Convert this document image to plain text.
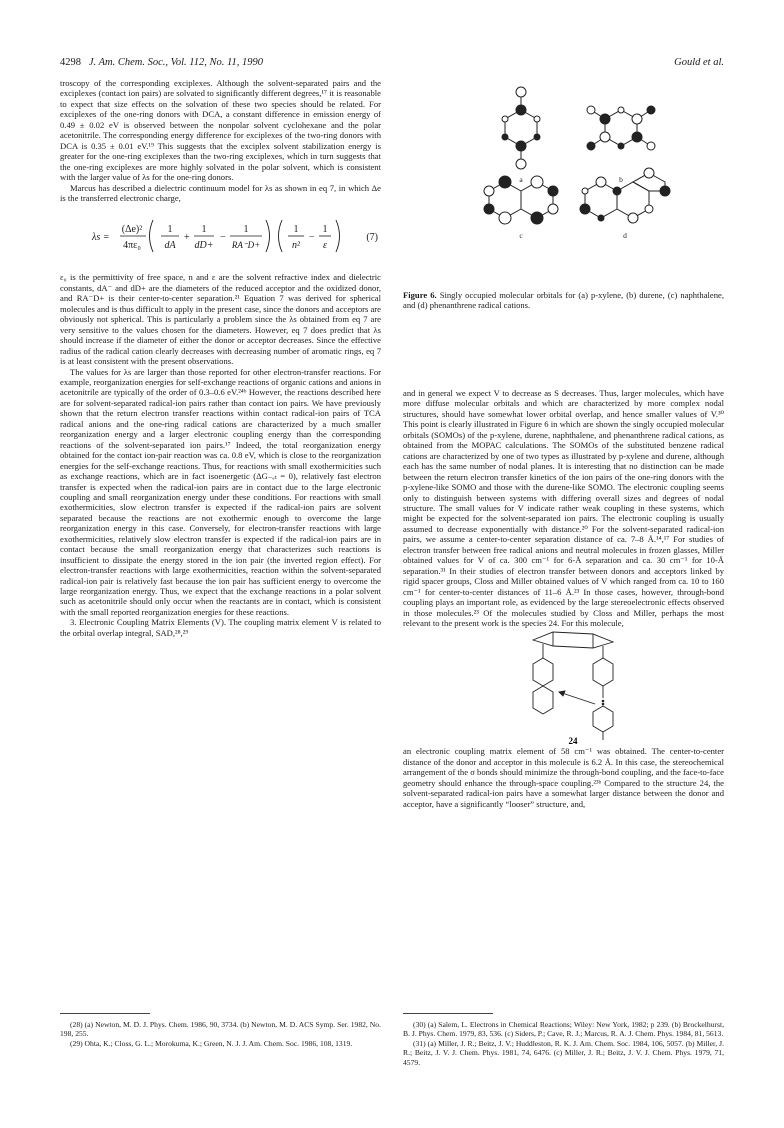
4298 J. Am. Chem. Soc., Vol. 112, No. 11, 1990	Gould et al.

troscopy of the corresponding exciplexes. Although the solvent-separated pairs and the exciplexes (contact ion pairs) are solvated to significantly different degrees,¹⁷ it is reasonable to expect that size effects on the solvation of these two species should be related. For exciplexes of the one-ring donors with DCA, a constant difference in emission energy of 0.49 ± 0.02 eV is observed between the nonpolar solvent cyclohexane and the polar acetonitrile. The corresponding energy difference for exciplexes of the two-ring donors with DCA is 0.35 ± 0.01 eV.¹⁹ This suggests that the exciplex solvent stabilization energy is greater for the one-ring exciplexes than the two-ring exciplexes, which in turn suggests that the one-ring exciplexes are more highly solvated in the polar solvent, which is consistent with the larger value of λs for the one-ring donors.

Marcus has described a dielectric continuum model for λs as shown in eq 7, in which Δe is the transferred electronic charge,

λs =
(Δe)²
4πε₀
1
dA
+
1
dD+
−
1
RA⁻D+
1
n²
−
1
ε
(7)

ε₀ is the permittivity of free space, n and ε are the solvent refractive index and dielectric constants, dA⁻ and dD+ are the diameters of the reduced acceptor and the oxidized donor, and RA⁻D+ is their center-to-center separation.²¹ Equation 7 was derived for spherical molecules and is thus difficult to apply in the present case, since the donors and acceptors are obviously not spherical. This is particularly a problem since the λs obtained from eq 7 are very sensitive to the values chosen for the diameters. However, eq 7 does predict that λs should increase if the diameter of either the donor or acceptor decreases. Since the effective radius of the radical cation clearly decreases with decreasing number of aromatic rings, eq 7 is at least consistent with the present observations.

The values for λs are larger than those reported for other electron-transfer reactions. For example, reorganization energies for self-exchange reactions of organic cations and anions in acetonitrile are typically of the order of 0.3–0.6 eV.²⁴ᵇ However, the reactions described here are for solvent-separated radical-ion pairs rather than contact ion pairs. We have previously shown that the return electron transfer reactions within contact radical-ion pairs of TCA radical anions and the one-ring radical cations are characterized by a much smaller reorganization energy and a larger electronic coupling energy than the corresponding reactions of the solvent-separated ion pairs.¹⁷ Indeed, the total reorganization energy obtained for the contact ion-pair reaction was ca. 0.8 eV, which is close to the reorganization energies for the self-exchange reactions. Thus, for reactions with small exothermicities such as exchange reactions, which are in fact isoenergetic (ΔG₋ₑₜ = 0), relatively fast electron transfer is expected when the radical-ion pairs are in contact due to the large electronic coupling and small reorganization energy under these conditions. For reactions with small exothermicities, slow electron transfer is expected if the radical-ion pairs are solvent separated because the reactions are not exothermic enough to overcome the large reorganization energy in this case. Conversely, for electron-transfer reactions with large exothermicities, relatively slow electron transfer is expected if the radical-ion pairs are in contact because the small reorganization energy that characterizes such reactions is insufficient to dissipate the energy stored in the ion pair (the inverted region effect). For electron-transfer reactions with large exothermicities, reaction within the solvent-separated radical-ion pair is relatively fast because the ion pair has sufficient energy to overcome the large reorganization energy. Thus, we expect that the exchange reactions in a polar solvent such as acetonitrile should only occur when the reactants are in contact, which is consistent with the small reported reorganization energies for these reactions.

3. Electronic Coupling Matrix Elements (V). The coupling matrix element V is related to the orbital overlap integral, SAD,²⁸,²⁹

(28) (a) Newton, M. D. J. Phys. Chem. 1986, 90, 3734. (b) Newton, M. D. ACS Symp. Ser. 1982, No. 198, 255.

(29) Ohta, K.; Closs, G. L.; Morokuma, K.; Green, N. J. J. Am. Chem. Soc. 1986, 108, 1319.

a	b
c	d
Figure 6. Singly occupied molecular orbitals for (a) p-xylene, (b) durene, (c) naphthalene, and (d) phenanthrene radical cations.

and in general we expect V to decrease as S decreases. Thus, larger molecules, which have more diffuse molecular orbitals and which are characterized by more complex nodal structures, should have somewhat lower orbital overlap, and hence smaller values of V.³⁰ This point is clearly illustrated in Figure 6 in which are shown the singly occupied molecular orbitals (SOMOs) of the p-xylene, durene, naphthalene, and phenanthrene radical cations, as obtained from the MOPAC calculations. The SOMOs of the substituted benzene radical cations are characterized by one of two types as illustrated by p-xylene and durene, although each has the same number of nodal planes. It is interesting that no distinction can be made between the return electron transfer kinetics of the ion pairs of the one-ring donors with the p-xylene-like SOMO and those with the durene-like SOMO. The electronic coupling seems only to distinguish between systems with differing overall sizes and degrees of nodal structure. The small values for V indicate rather weak coupling in these systems, which might be expected for the solvent-separated ion pairs. The electronic coupling is usually assumed to decrease exponentially with distance.²⁰ For the solvent-separated radical-ion pairs, we assume a center-to-center separation distance of ca. 7–8 Å.¹⁴,¹⁷ For studies of electron transfer between free radical anions and neutral molecules in frozen glasses, Miller obtained values for V of ca. 300 cm⁻¹ for 6-Å separation and ca. 30 cm⁻¹ for 10-Å separation.³¹ In their studies of electron transfer between donors and acceptors linked by rigid spacer groups, Closs and Miller obtained values of V which ranged from ca. 10 to 160 cm⁻¹ for center-to-center distances of 11–6 Å.²³ In those cases, however, through-bond coupling plays an important role, as evidenced by the large stereoelectronic effects observed in those molecules.²³ Of the molecules studied by Closs and Miller, perhaps the most relevant to the present work is the species 24. For this molecule,

24

an electronic coupling matrix element of 58 cm⁻¹ was obtained. The center-to-center distance of the donor and acceptor in this molecule is 6.2 Å. In this case, the stereochemical arrangement of the σ bonds should minimize the through-bond coupling, and the face-to-face geometry should enhance the through-space coupling.²³ᵇ Compared to the structure 24, the solvent-separated radical-ion pairs have a somewhat larger distance between the donor and acceptor, have a significantly “looser” structure, and,

(30) (a) Salem, L. Electrons in Chemical Reactions; Wiley: New York, 1982; p 239. (b) Brockelhurst, B. J. Phys. Chem. 1979, 83, 536. (c) Siders, P.; Cave, R. J.; Marcus, R. A. J. Chem. Phys. 1984, 81, 5613.

(31) (a) Miller, J. R.; Beitz, J. V.; Huddleston, R. K. J. Am. Chem. Soc. 1984, 106, 5057. (b) Miller, J. R.; Beitz, J. V. J. Chem. Phys. 1981, 74, 6476. (c) Miller, J. R.; Beitz, J. V. J. Chem. Phys. 1979, 71, 4579.
